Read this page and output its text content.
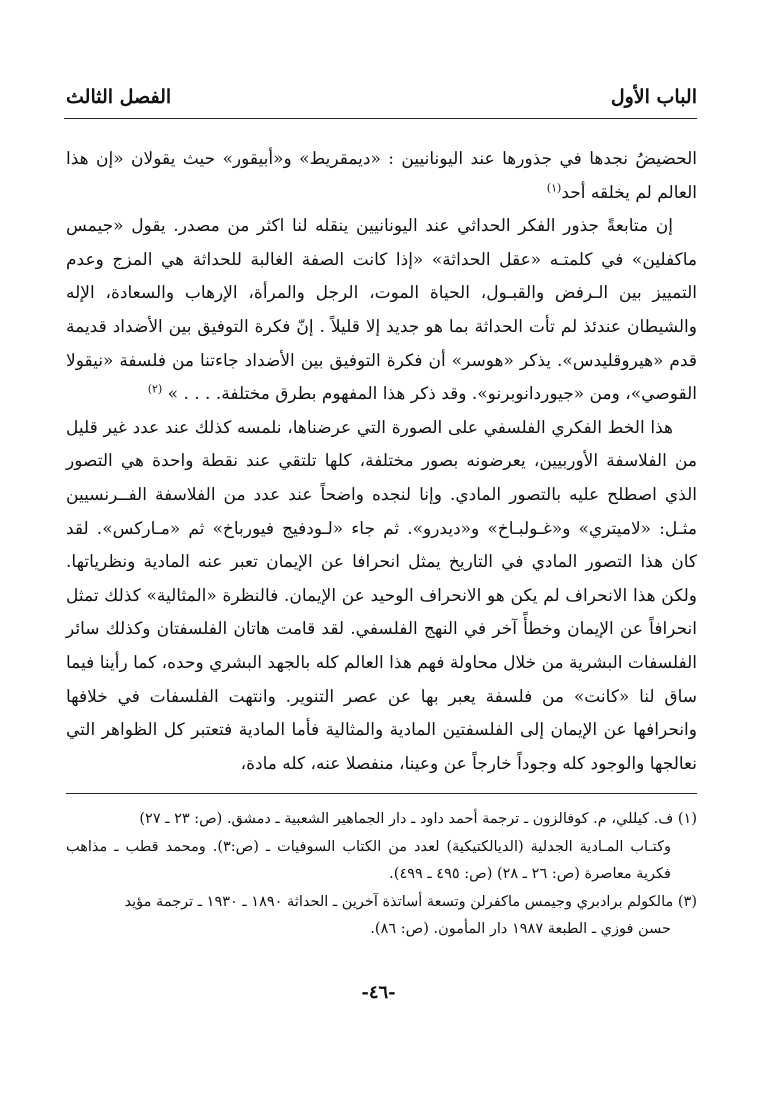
الباب الأول
الفصل الثالث

الحضيضُ نجدها في جذورها عند اليونانيين : «ديمقريط» و«أبيقور» حيث يقولان «إن هذا العالم لم يخلقه أحد$^{(١)}$

إن متابعةً جذور الفكر الحداثي عند اليونانيين ينقله لنا اكثر من مصدر. يقول «جيمس ماكفلين» في كلمتـه «عقل الحداثة» «إذا كانت الصفة الغالبة للحداثة هي المزج وعدم التمييز بين الـرفض والقبـول، الحياة الموت، الرجل والمرأة، الإرهاب والسعادة، الإله والشيطان عندئذ لم تأت الحداثة بما هو جديد إلا قليلاً . إنّ فكرة التوفيق بين الأضداد قديمة قدم «هيروقليدس». يذكر «هوسر» أن فكرة التوفيق بين الأضداد جاءتنا من فلسفة «نيقولا القوصي»، ومن «جيوردانوبرنو». وقد ذكر هذا المفهوم بطرق مختلفة. . . . » $^{(٢)}$

هذا الخط الفكري الفلسفي على الصورة التي عرضناها، نلمسه كذلك عند عدد غير قليل من الفلاسفة الأوربيين، يعرضونه بصور مختلفة، كلها تلتقي عند نقطة واحدة هي التصور الذي اصطلح عليه بالتصور المادي. وإنا لنجده واضحاً عند عدد من الفلاسفة الفــرنسيين مثـل: «لاميتري» و«غـولبـاخ» و«ديدرو». ثم جاء «لـودفيج فيورباخ» ثم «مـاركس». لقد كان هذا التصور المادي في التاريخ يمثل انحرافا عن الإيمان تعبر عنه المادية ونظرياتها. ولكن هذا الانحراف لم يكن هو الانحراف الوحيد عن الإيمان. فالنظرة «المثالية» كذلك تمثل انحرافاً عن الإيمان وخطأً آخر في النهج الفلسفي. لقد قامت هاتان الفلسفتان وكذلك سائر الفلسفات البشرية من خلال محاولة فهم هذا العالم كله بالجهد البشري وحده، كما رأينا فيما ساق لنا «كانت» من فلسفة يعبر بها عن عصر التنوير. وانتهت الفلسفات في خلافها وانحرافها عن الإيمان إلى الفلسفتين المادية والمثالية فأما المادية فتعتبر كل الظواهر التي نعالجها والوجود كله وجوداً خارجاً عن وعينا، منفصلا عنه، كله مادة،

(١) ف. كيللي، م. كوفالزون ـ ترجمة أحمد داود ـ دار الجماهير الشعبية ـ دمشق. (ص: ٢٣ ـ ٢٧)

وكتـاب المـادية الجدلية (الديالكتيكية) لعدد من الكتاب السوفيات ـ (ص:٣). ومحمد قطب ـ مذاهب فكرية معاصرة (ص: ٢٦ ـ ٢٨) (ص: ٤٩٥ ـ ٤٩٩).

(٣) مالكولم برادبري وجيمس ماكفرلن وتسعة أساتذة آخرين ـ الحداثة ١٨٩٠ ـ ١٩٣٠ ـ ترجمة مؤيد

حسن فوزي ـ الطبعة ١٩٨٧ دار المأمون. (ص: ٨٦).

-٤٦-
